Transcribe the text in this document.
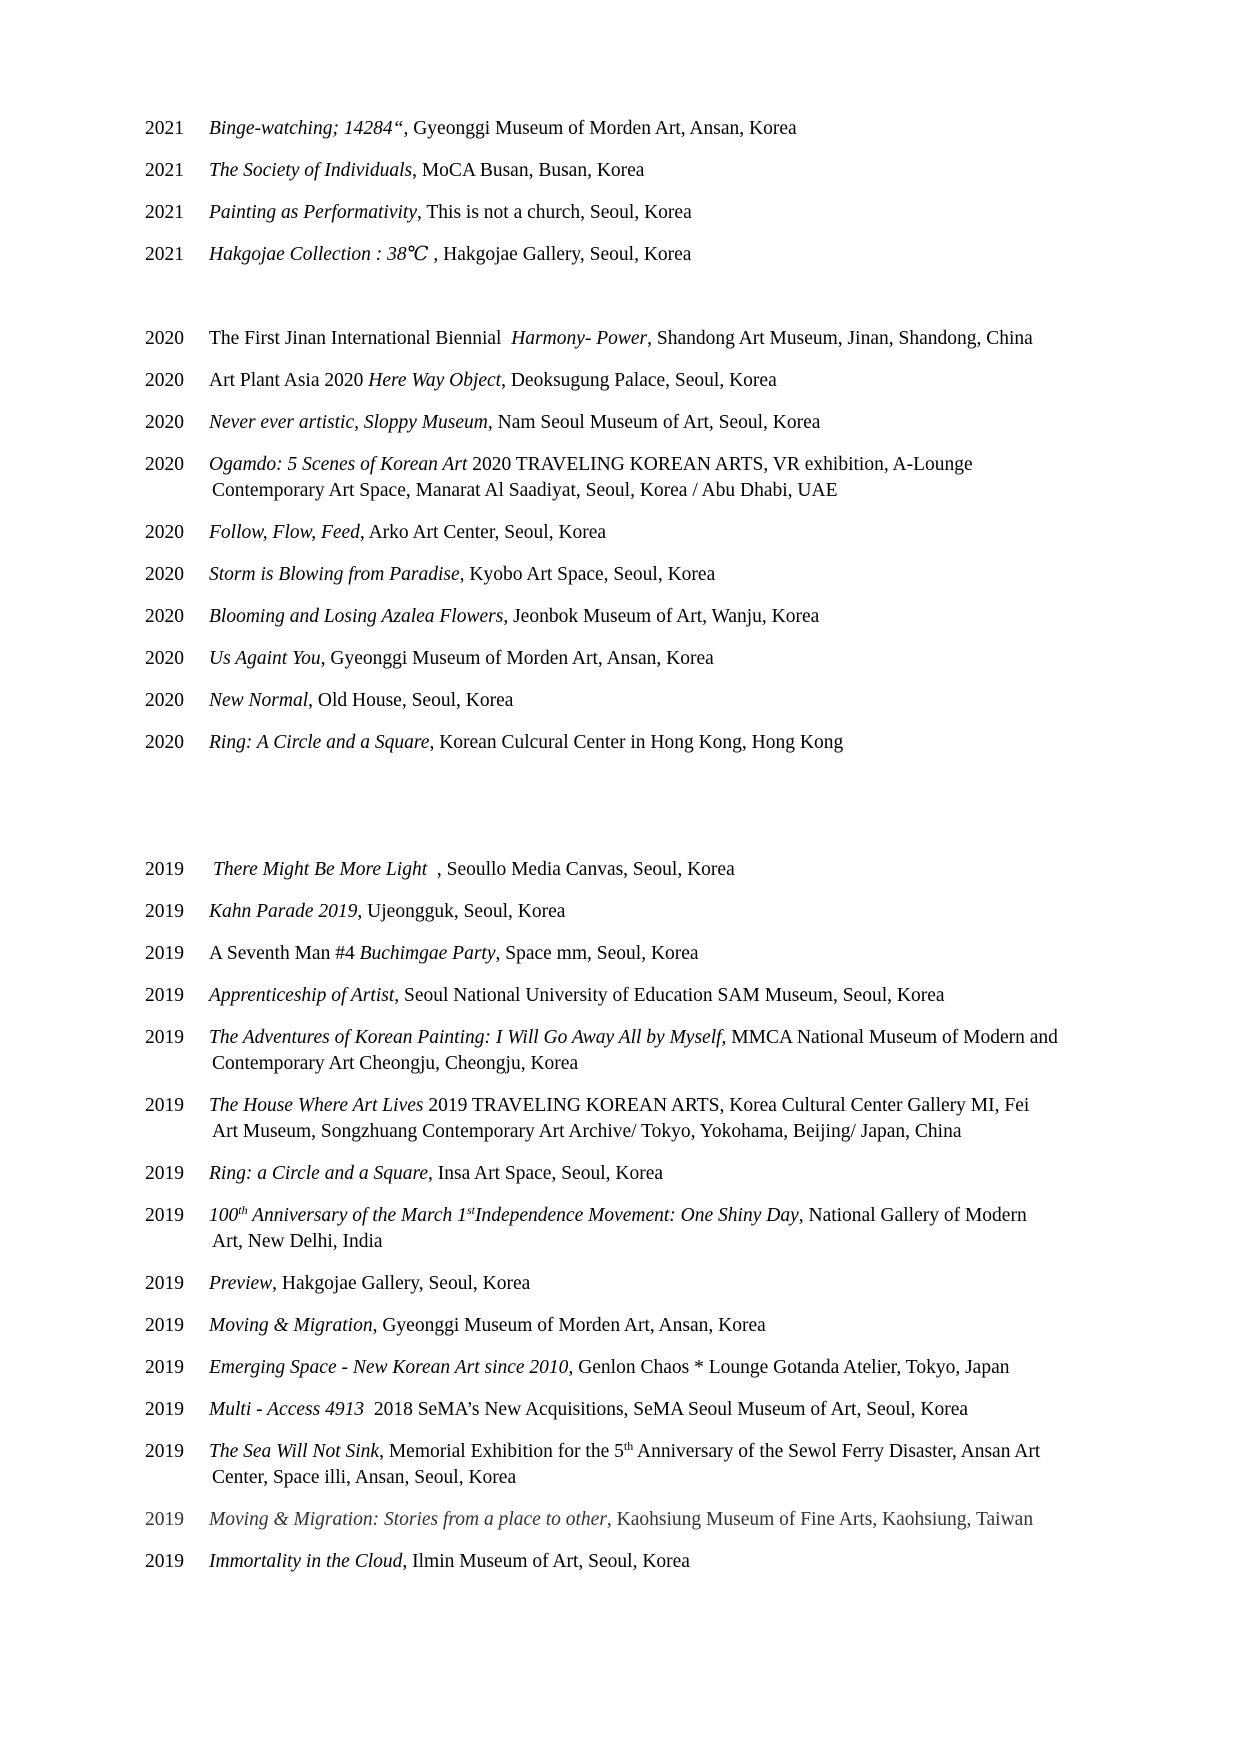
2021 Binge-watching; 14284“, Gyeonggi Museum of Morden Art, Ansan, Korea
2021 The Society of Individuals, MoCA Busan, Busan, Korea
2021 Painting as Performativity, This is not a church, Seoul, Korea
2021 Hakgojae Collection : 38℃ , Hakgojae Gallery, Seoul, Korea
2020 The First Jinan International Biennial  Harmony- Power, Shandong Art Museum, Jinan, Shandong, China
2020 Art Plant Asia 2020 Here Way Object, Deoksugung Palace, Seoul, Korea
2020 Never ever artistic, Sloppy Museum, Nam Seoul Museum of Art, Seoul, Korea
2020 Ogamdo: 5 Scenes of Korean Art 2020 TRAVELING KOREAN ARTS, VR exhibition, A-Lounge
Contemporary Art Space, Manarat Al Saadiyat, Seoul, Korea / Abu Dhabi, UAE
2020 Follow, Flow, Feed, Arko Art Center, Seoul, Korea
2020 Storm is Blowing from Paradise, Kyobo Art Space, Seoul, Korea
2020 Blooming and Losing Azalea Flowers, Jeonbok Museum of Art, Wanju, Korea
2020 Us Againt You, Gyeonggi Museum of Morden Art, Ansan, Korea
2020 New Normal, Old House, Seoul, Korea
2020 Ring: A Circle and a Square, Korean Culcural Center in Hong Kong, Hong Kong
2019 There Might Be More Light  , Seoullo Media Canvas, Seoul, Korea
2019 Kahn Parade 2019, Ujeongguk, Seoul, Korea
2019 A Seventh Man #4 Buchimgae Party, Space mm, Seoul, Korea
2019 Apprenticeship of Artist, Seoul National University of Education SAM Museum, Seoul, Korea
2019 The Adventures of Korean Painting: I Will Go Away All by Myself, MMCA National Museum of Modern and
Contemporary Art Cheongju, Cheongju, Korea
2019 The House Where Art Lives 2019 TRAVELING KOREAN ARTS, Korea Cultural Center Gallery MI, Fei
Art Museum, Songzhuang Contemporary Art Archive/ Tokyo, Yokohama, Beijing/ Japan, China
2019 Ring: a Circle and a Square, Insa Art Space, Seoul, Korea
2019 100th Anniversary of the March 1stIndependence Movement: One Shiny Day, National Gallery of Modern
Art, New Delhi, India
2019 Preview, Hakgojae Gallery, Seoul, Korea
2019 Moving & Migration, Gyeonggi Museum of Morden Art, Ansan, Korea
2019 Emerging Space - New Korean Art since 2010, Genlon Chaos * Lounge Gotanda Atelier, Tokyo, Japan
2019 Multi - Access 4913  2018 SeMA’s New Acquisitions, SeMA Seoul Museum of Art, Seoul, Korea
2019 The Sea Will Not Sink, Memorial Exhibition for the 5th Anniversary of the Sewol Ferry Disaster, Ansan Art
Center, Space illi, Ansan, Seoul, Korea
2019 Moving & Migration: Stories from a place to other, Kaohsiung Museum of Fine Arts, Kaohsiung, Taiwan
2019 Immortality in the Cloud, Ilmin Museum of Art, Seoul, Korea
